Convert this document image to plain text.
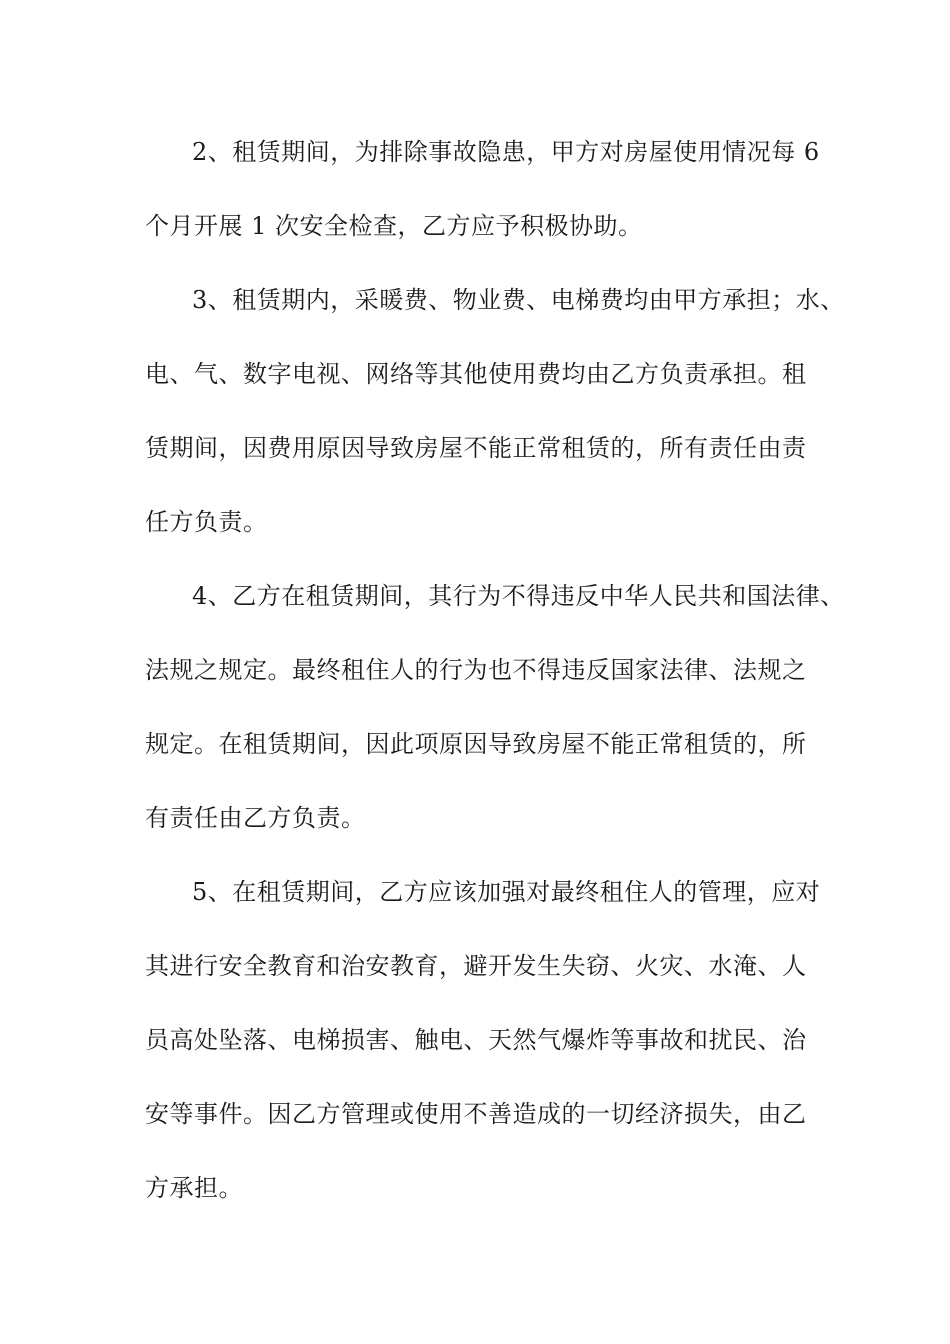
2、租赁期间，为排除事故隐患，甲方对房屋使用情况每 6

个月开展 1 次安全检查，乙方应予积极协助。

3、租赁期内，采暖费、物业费、电梯费均由甲方承担；水、

电、气、数字电视、网络等其他使用费均由乙方负责承担。租

赁期间，因费用原因导致房屋不能正常租赁的，所有责任由责

任方负责。

4、乙方在租赁期间，其行为不得违反中华人民共和国法律、

法规之规定。最终租住人的行为也不得违反国家法律、法规之

规定。在租赁期间，因此项原因导致房屋不能正常租赁的，所

有责任由乙方负责。

5、在租赁期间，乙方应该加强对最终租住人的管理，应对

其进行安全教育和治安教育，避开发生失窃、火灾、水淹、人

员高处坠落、电梯损害、触电、天然气爆炸等事故和扰民、治

安等事件。因乙方管理或使用不善造成的一切经济损失，由乙

方承担。
